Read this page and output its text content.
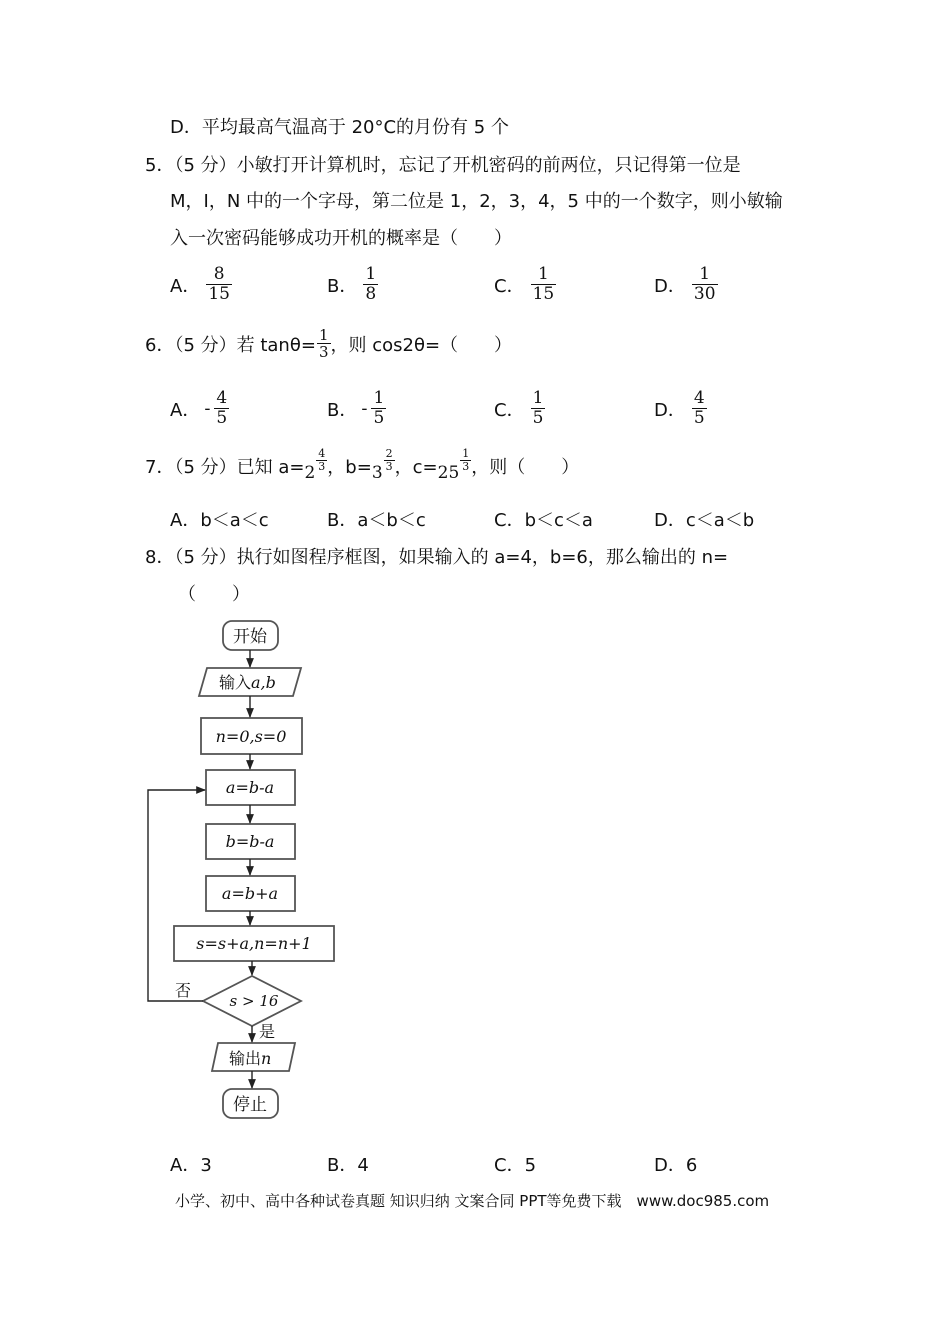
D．平均最高气温高于 20°C的月份有 5 个
5．（5 分）小敏打开计算机时，忘记了开机密码的前两位，只记得第一位是
M，I，N 中的一个字母，第二位是 1，2，3，4，5 中的一个数字，则小敏输
入一次密码能够成功开机的概率是（　　）
A． $\frac{8}{15}$	B． $\frac{1}{8}$	C． $\frac{1}{15}$	D． $\frac{1}{30}$
6．（5 分）若 $\tan\theta= \frac{1}{3}$ ，则 cos2θ=（　　）
A． - $\frac{4}{5}$	B． - $\frac{1}{5}$	C． $\frac{1}{5}$	D． $\frac{4}{5}$
7．（5 分）已知 $a= 2 \frac{4}{3}$ ，$b= 3 \frac{2}{3}$ ，$c= 25 \frac{1}{3}$ ，则（　　）
A． b＜a＜c	B． a＜b＜c	C． b＜c＜a	D． c＜a＜b
8．（5 分）执行如图程序框图，如果输入的 a=4，b=6，那么输出的 n=
（　　）
开始
输入a,b
n=0,s=0
a=b-a
b=b-a
a=b+a
s=s+a,n=n+1
s > 16
否
是
输出n
停止
A． 3	B． 4	C． 5	D． 6
小学、初中、高中各种试卷真题 知识归纳 文案合同 PPT等免费下载　www.doc985.com
